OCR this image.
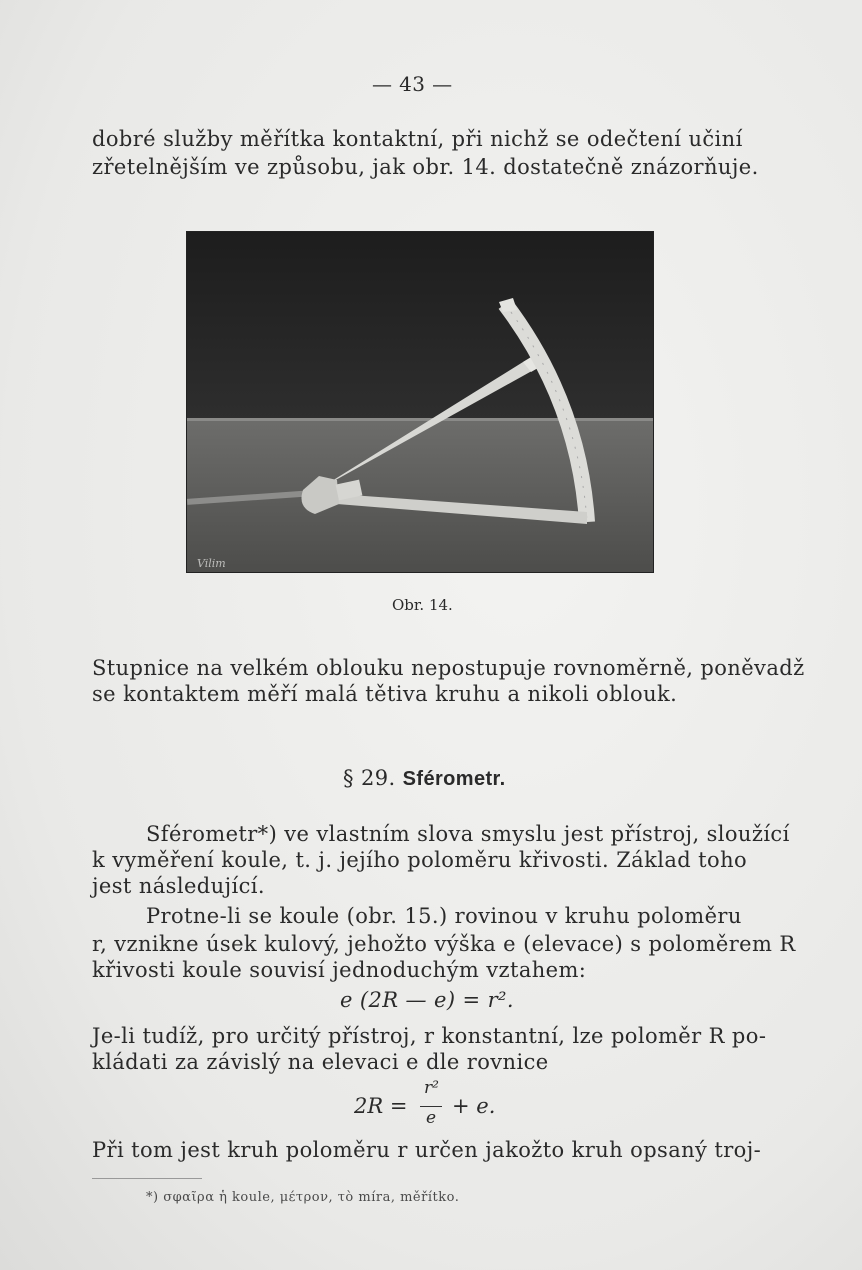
— 43 —
dobré služby měřítka kontaktní, při nichž se odečtení učiní
zřetelnějším ve způsobu, jak obr. 14. dostatečně znázorňuje.
Vilim
Obr. 14.
Stupnice na velkém oblouku nepostupuje rovnoměrně, poněvadž
se kontaktem měří malá tětiva kruhu a nikoli oblouk.
§ 29. Sférometr.
Sférometr*) ve vlastním slova smyslu jest přístroj, sloužící
k vyměření koule, t. j. jejího poloměru křivosti. Základ toho
jest následující.
Protne-li se koule (obr. 15.) rovinou v kruhu poloměru
r, vznikne úsek kulový, jehožto výška e (elevace) s poloměrem R
křivosti koule souvisí jednoduchým vztahem:
e (2R — e) = r².
Je-li tudíž, pro určitý přístroj, r konstantní, lze poloměr R po-
kládati za závislý na elevaci e dle rovnice
2R =
r²
e + e.
Při tom jest kruh poloměru r určen jakožto kruh opsaný troj-
*) σφαῖρα ἡ koule, μέτρον, τὸ míra, měřítko.
